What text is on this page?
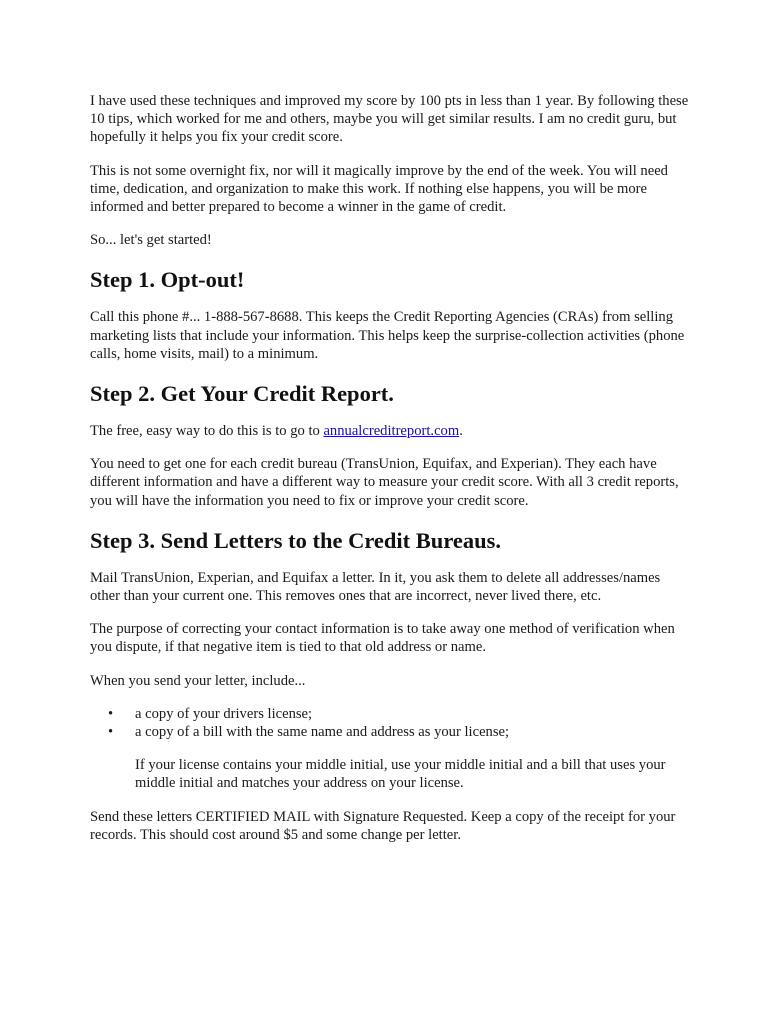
I have used these techniques and improved my score by 100 pts in less than 1 year. By following these 10 tips, which worked for me and others, maybe you will get similar results. I am no credit guru, but hopefully it helps you fix your credit score.

This is not some overnight fix, nor will it magically improve by the end of the week. You will need time, dedication, and organization to make this work. If nothing else happens, you will be more informed and better prepared to become a winner in the game of credit.

So... let's get started!

Step 1. Opt-out!

Call this phone #... 1-888-567-8688. This keeps the Credit Reporting Agencies (CRAs) from selling marketing lists that include your information. This helps keep the surprise-collection activities (phone calls, home visits, mail) to a minimum.

Step 2. Get Your Credit Report.

The free, easy way to do this is to go to annualcreditreport.com.

You need to get one for each credit bureau (TransUnion, Equifax, and Experian). They each have different information and have a different way to measure your credit score. With all 3 credit reports, you will have the information you need to fix or improve your credit score.

Step 3. Send Letters to the Credit Bureaus.

Mail TransUnion, Experian, and Equifax a letter. In it, you ask them to delete all addresses/names other than your current one. This removes ones that are incorrect, never lived there, etc.

The purpose of correcting your contact information is to take away one method of verification when you dispute, if that negative item is tied to that old address or name.

When you send your letter, include...

• a copy of your drivers license;
• a copy of a bill with the same name and address as your license;

If your license contains your middle initial, use your middle initial and a bill that uses your middle initial and matches your address on your license.

Send these letters CERTIFIED MAIL with Signature Requested. Keep a copy of the receipt for your records. This should cost around $5 and some change per letter.
